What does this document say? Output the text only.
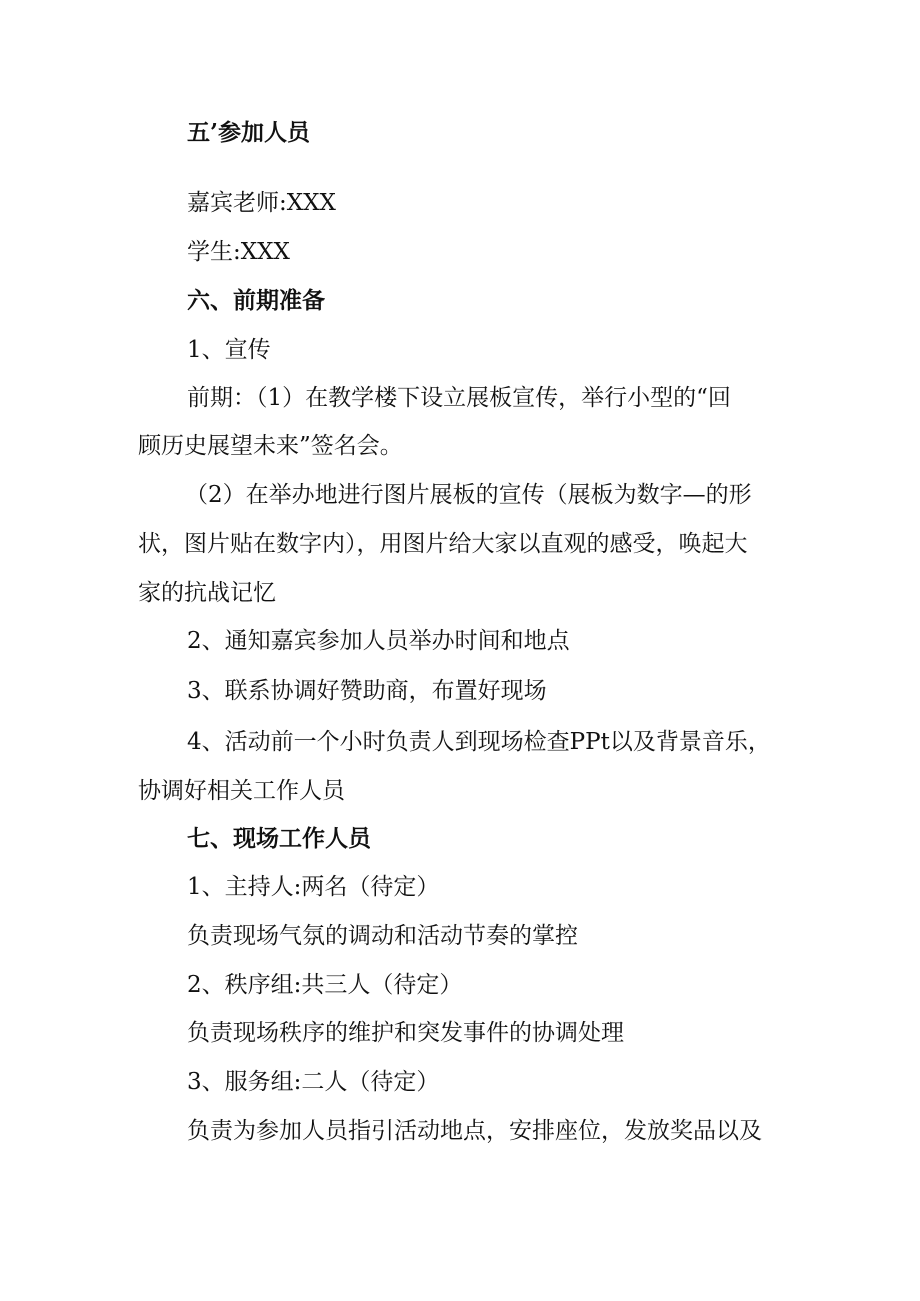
五’参加人员
嘉宾老师:XXX
学生:XXX
六、前期准备
1、宣传
前期：（1）在教学楼下设立展板宣传，举行小型的“回
顾历史展望未来”签名会。
（2）在举办地进行图片展板的宣传（展板为数字—的形
状，图片贴在数字内），用图片给大家以直观的感受，唤起大
家的抗战记忆
2、通知嘉宾参加人员举办时间和地点
3、联系协调好赞助商，布置好现场
4、活动前一个小时负责人到现场检查PPt以及背景音乐，
协调好相关工作人员
七、现场工作人员
1、主持人:两名（待定）
负责现场气氛的调动和活动节奏的掌控
2、秩序组:共三人（待定）
负责现场秩序的维护和突发事件的协调处理
3、服务组:二人（待定）
负责为参加人员指引活动地点，安排座位，发放奖品以及
